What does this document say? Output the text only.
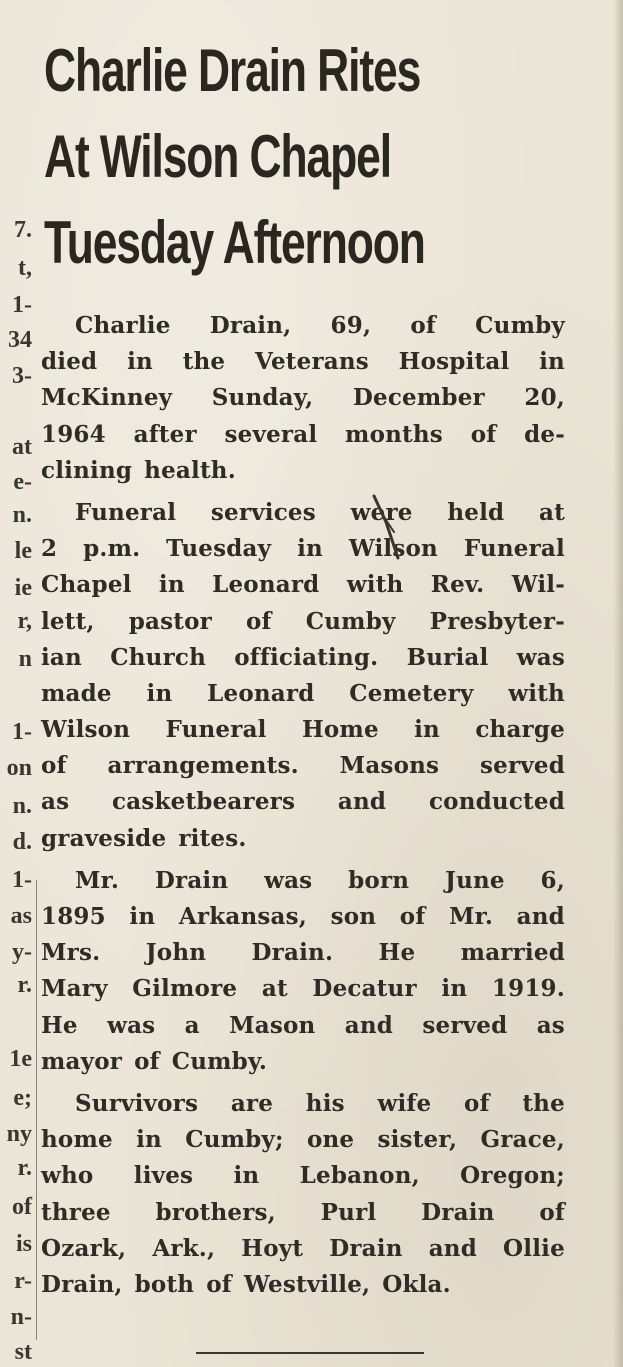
7.
t,
1-
34
3-
at
e-
n.
le
ie
r,
n
1-
on
n.
d.
1-
as
y-
r.
1e
e;
ny
r.
of
is
r-
n-
st
Charlie Drain Rites
At Wilson Chapel
Tuesday Afternoon
Charlie Drain, 69, of Cumby
died in the Veterans Hospital in
McKinney Sunday, December 20,
1964 after several months of de-
clining health.
Funeral services were held at
2 p.m. Tuesday in Wilson Funeral
Chapel in Leonard with Rev. Wil-
lett, pastor of Cumby Presbyter-
ian Church officiating. Burial was
made in Leonard Cemetery with
Wilson Funeral Home in charge
of arrangements. Masons served
as casketbearers and conducted
graveside rites.
Mr. Drain was born June 6,
1895 in Arkansas, son of Mr. and
Mrs. John Drain. He married
Mary Gilmore at Decatur in 1919.
He was a Mason and served as
mayor of Cumby.
Survivors are his wife of the
home in Cumby; one sister, Grace,
who lives in Lebanon, Oregon;
three brothers, Purl Drain of
Ozark, Ark., Hoyt Drain and Ollie
Drain, both of Westville, Okla.
